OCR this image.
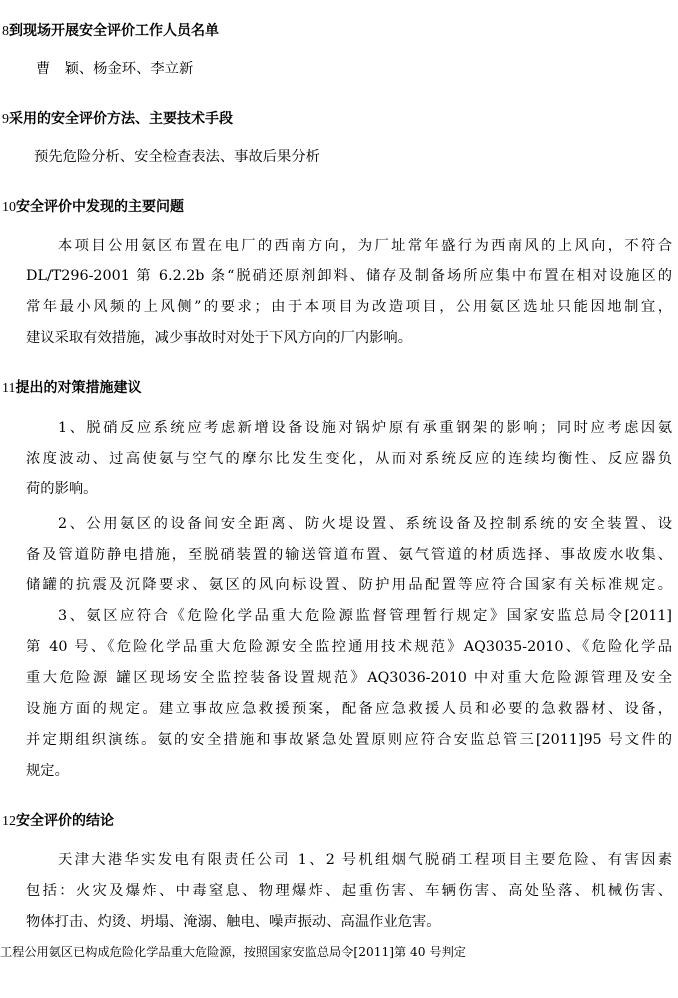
8到现场开展安全评价工作人员名单
曹　颖、杨金环、李立新
9采用的安全评价方法、主要技术手段
预先危险分析、安全检查表法、事故后果分析
10安全评价中发现的主要问题
本项目公用氨区布置在电厂的西南方向，为厂址常年盛行为西南风的上风向，不符合
DL/T296-2001 第 6.2.2b 条“脱硝还原剂卸料、储存及制备场所应集中布置在相对设施区的
常年最小风频的上风侧”的要求；由于本项目为改造项目，公用氨区选址只能因地制宜，
建议采取有效措施，减少事故时对处于下风方向的厂内影响。
11提出的对策措施建议
1、脱硝反应系统应考虑新增设备设施对锅炉原有承重钢架的影响；同时应考虑因氨
浓度波动、过高使氨与空气的摩尔比发生变化，从而对系统反应的连续均衡性、反应器负
荷的影响。
2、公用氨区的设备间安全距离、防火堤设置、系统设备及控制系统的安全装置、设
备及管道防静电措施，至脱硝装置的输送管道布置、氨气管道的材质选择、事故废水收集、
储罐的抗震及沉降要求、氨区的风向标设置、防护用品配置等应符合国家有关标准规定。
3、氨区应符合《危险化学品重大危险源监督管理暂行规定》国家安监总局令[2011]
第 40 号、《危险化学品重大危险源安全监控通用技术规范》AQ3035-2010、《危险化学品
重大危险源 罐区现场安全监控装备设置规范》AQ3036-2010 中对重大危险源管理及安全
设施方面的规定。建立事故应急救援预案，配备应急救援人员和必要的急救器材、设备，
并定期组织演练。氨的安全措施和事故紧急处置原则应符合安监总管三[2011]95 号文件的
规定。
12安全评价的结论
天津大港华实发电有限责任公司 1、2 号机组烟气脱硝工程项目主要危险、有害因素
包括：火灾及爆炸、中毒窒息、物理爆炸、起重伤害、车辆伤害、高处坠落、机械伤害、
物体打击、灼烫、坍塌、淹溺、触电、噪声振动、高温作业危害。
工程公用氨区已构成危险化学品重大危险源，按照国家安监总局令[2011]第 40 号判定
